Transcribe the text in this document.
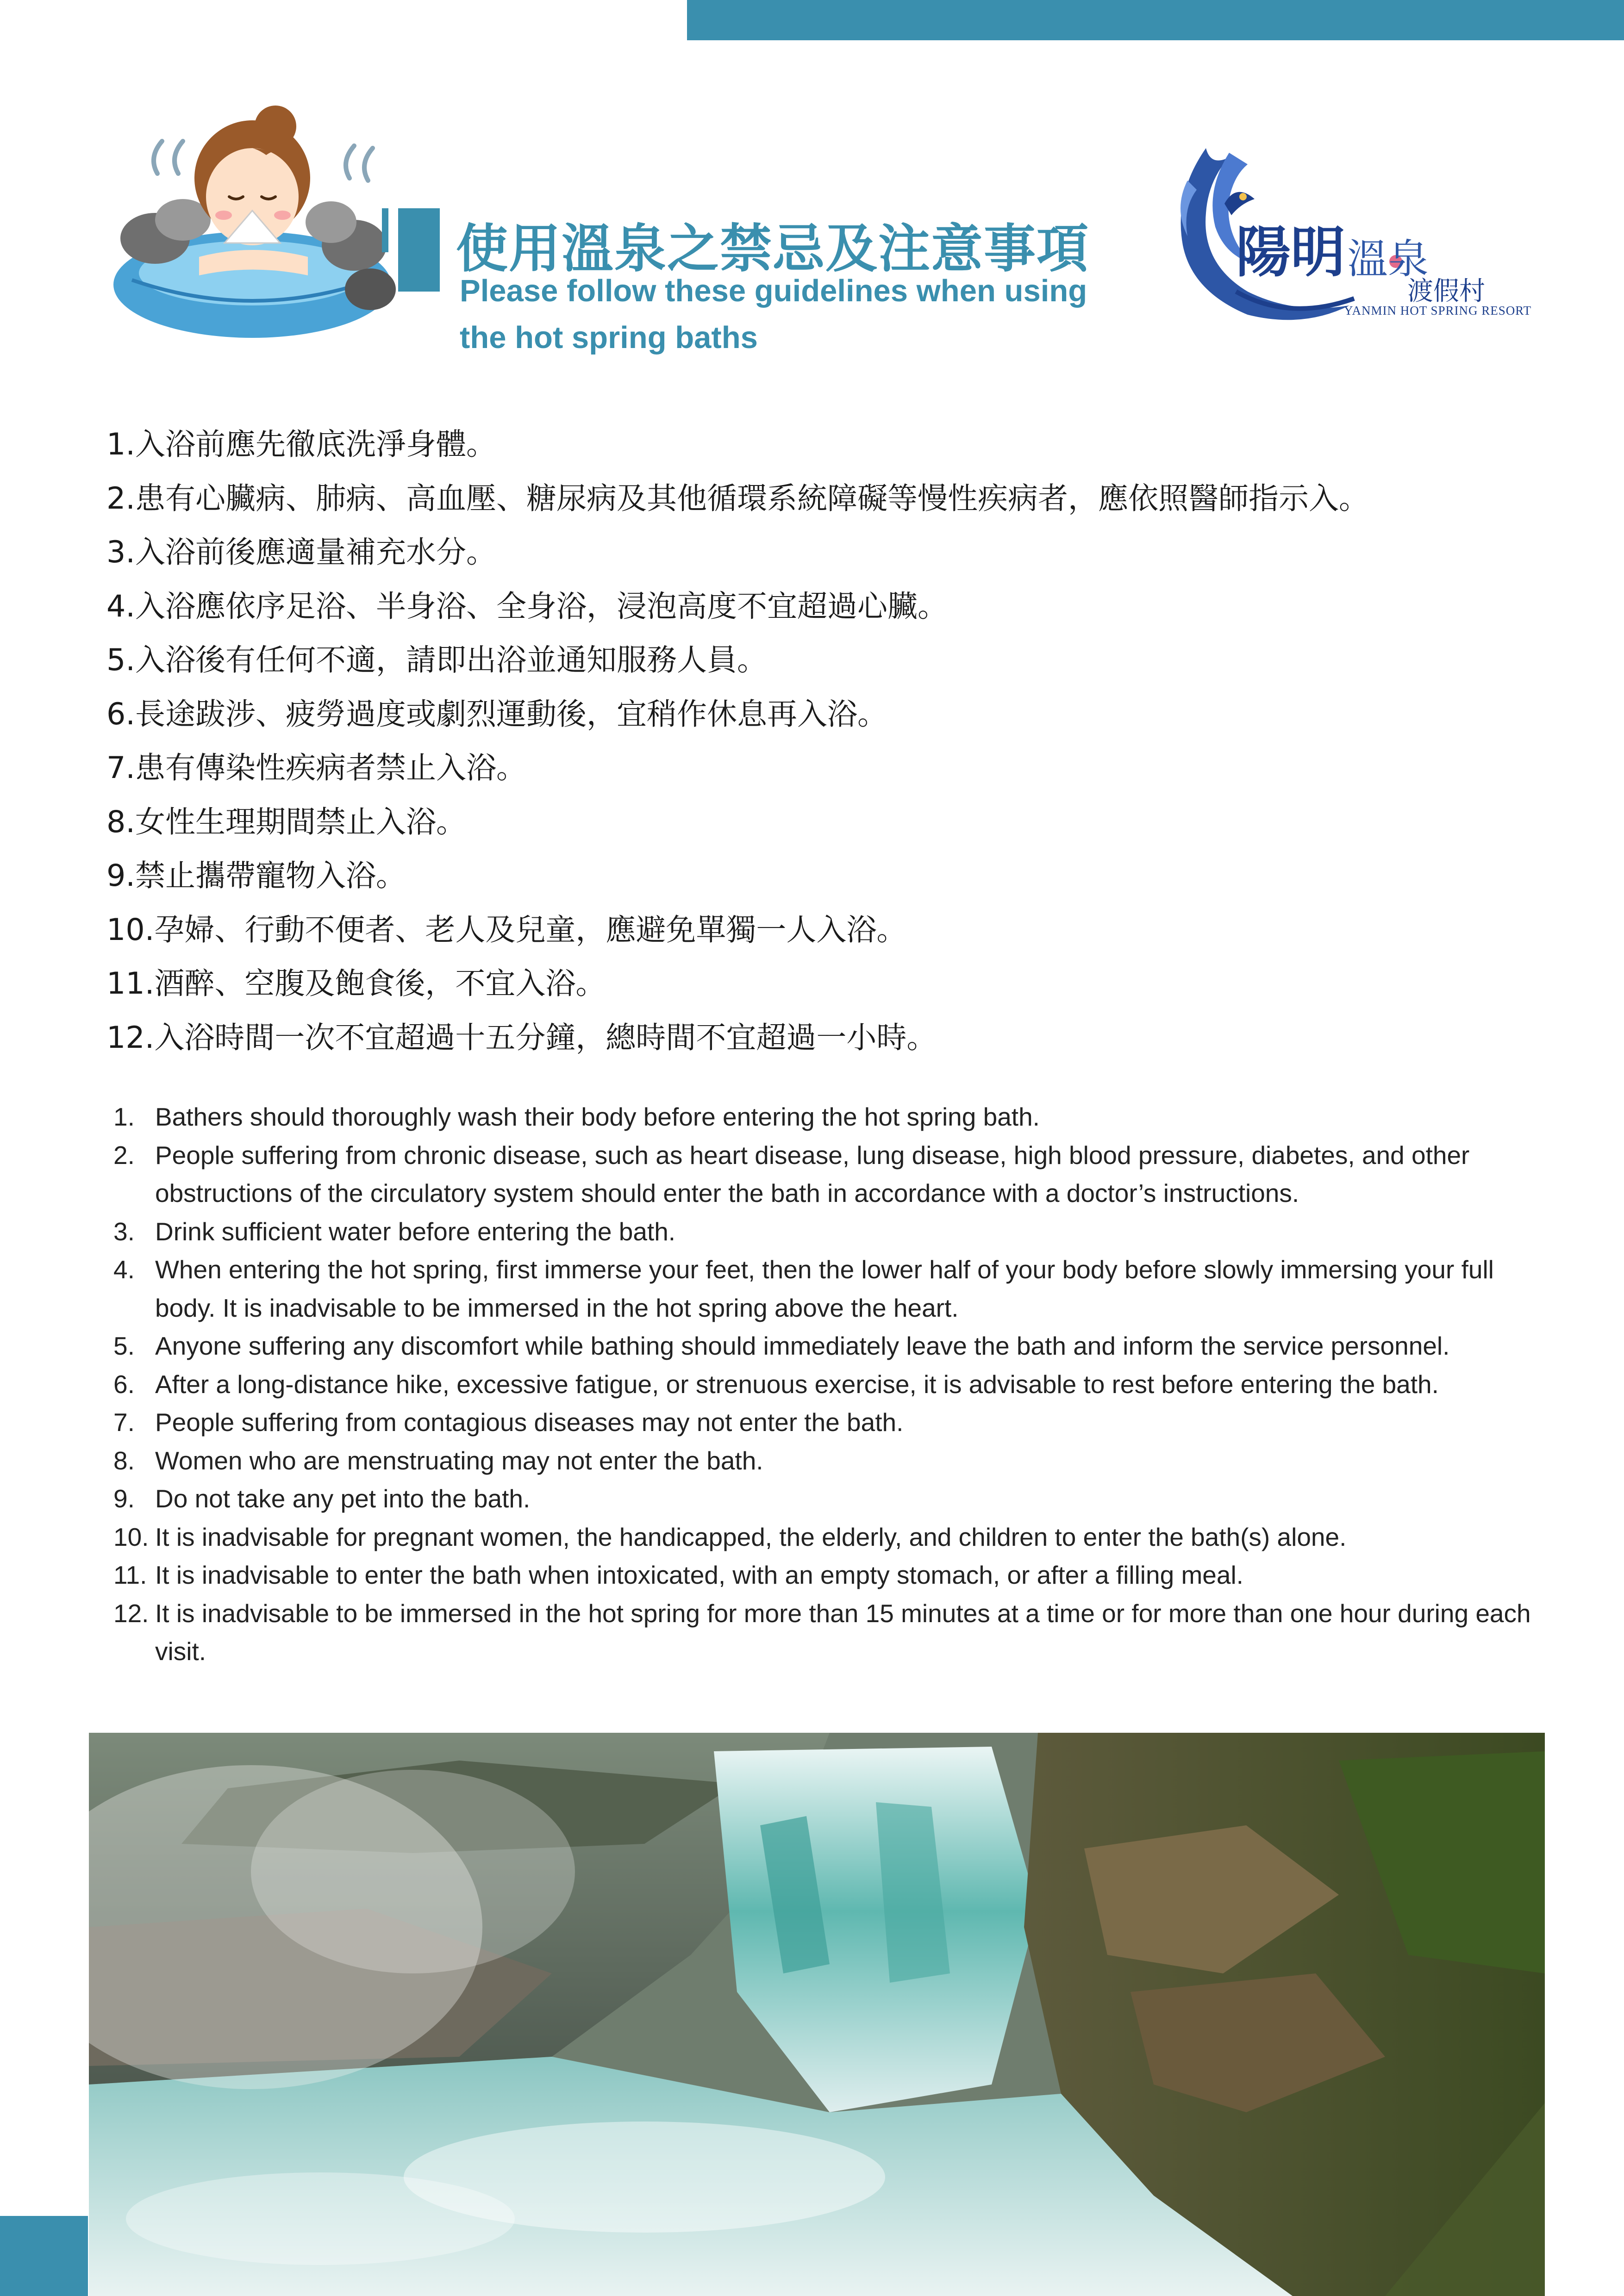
使用溫泉之禁忌及注意事項
Please follow these guidelines when using
the hot spring baths
陽明 溫泉
渡假村
YANMIN HOT SPRING RESORT
1.入浴前應先徹底洗淨身體。
2.患有心臟病、肺病、高血壓、糖尿病及其他循環系統障礙等慢性疾病者，應依照醫師指示入。
3.入浴前後應適量補充水分。
4.入浴應依序足浴、半身浴、全身浴，浸泡高度不宜超過心臟。
5.入浴後有任何不適，請即出浴並通知服務人員。
6.長途跋涉、疲勞過度或劇烈運動後，宜稍作休息再入浴。
7.患有傳染性疾病者禁止入浴。
8.女性生理期間禁止入浴。
9.禁止攜帶寵物入浴。
10.孕婦、行動不便者、老人及兒童，應避免單獨一人入浴。
11.酒醉、空腹及飽食後，不宜入浴。
12.入浴時間一次不宜超過十五分鐘，總時間不宜超過一小時。
1. Bathers should thoroughly wash their body before entering the hot spring bath.
2. People suffering from chronic disease, such as heart disease, lung disease, high blood pressure, diabetes, and other obstructions of the circulatory system should enter the bath in accordance with a doctor’s instructions.
3. Drink sufficient water before entering the bath.
4. When entering the hot spring, first immerse your feet, then the lower half of your body before slowly immersing your full body. It is inadvisable to be immersed in the hot spring above the heart.
5. Anyone suffering any discomfort while bathing should immediately leave the bath and inform the service personnel.
6. After a long-distance hike, excessive fatigue, or strenuous exercise, it is advisable to rest before entering the bath.
7. People suffering from contagious diseases may not enter the bath.
8. Women who are menstruating may not enter the bath.
9. Do not take any pet into the bath.
10. It is inadvisable for pregnant women, the handicapped, the elderly, and children to enter the bath(s) alone.
11. It is inadvisable to enter the bath when intoxicated, with an empty stomach, or after a filling meal.
12. It is inadvisable to be immersed in the hot spring for more than 15 minutes at a time or for more than one hour during each visit.
